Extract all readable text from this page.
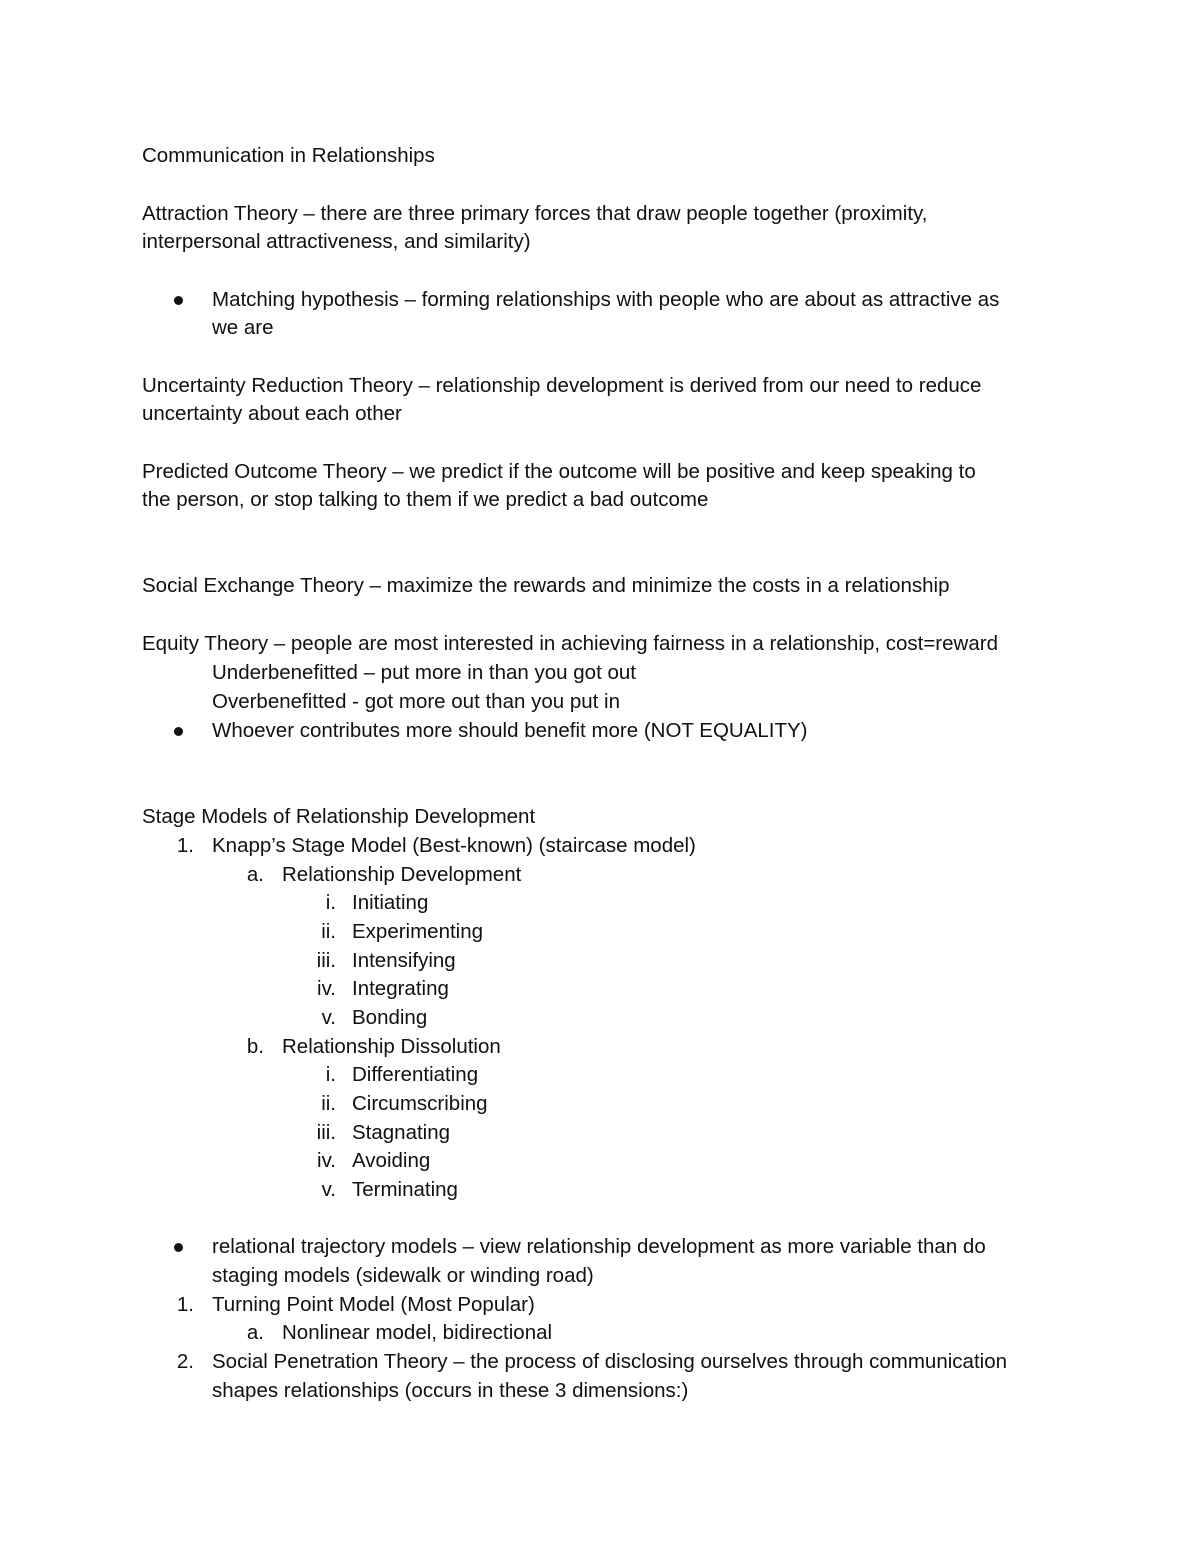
Communication in Relationships
Attraction Theory – there are three primary forces that draw people together (proximity,
interpersonal attractiveness, and similarity)
Matching hypothesis – forming relationships with people who are about as attractive as
we are
Uncertainty Reduction Theory – relationship development is derived from our need to reduce
uncertainty about each other
Predicted Outcome Theory – we predict if the outcome will be positive and keep speaking to
the person, or stop talking to them if we predict a bad outcome
Social Exchange Theory – maximize the rewards and minimize the costs in a relationship
Equity Theory – people are most interested in achieving fairness in a relationship, cost=reward
Underbenefitted – put more in than you got out
Overbenefitted - got more out than you put in
Whoever contributes more should benefit more (NOT EQUALITY)
Stage Models of Relationship Development
1. Knapp’s Stage Model (Best-known) (staircase model)
a. Relationship Development
i. Initiating
ii. Experimenting
iii. Intensifying
iv. Integrating
v. Bonding
b. Relationship Dissolution
i. Differentiating
ii. Circumscribing
iii. Stagnating
iv. Avoiding
v. Terminating
relational trajectory models – view relationship development as more variable than do
staging models (sidewalk or winding road)
1. Turning Point Model (Most Popular)
a. Nonlinear model, bidirectional
2. Social Penetration Theory – the process of disclosing ourselves through communication
shapes relationships (occurs in these 3 dimensions:)
